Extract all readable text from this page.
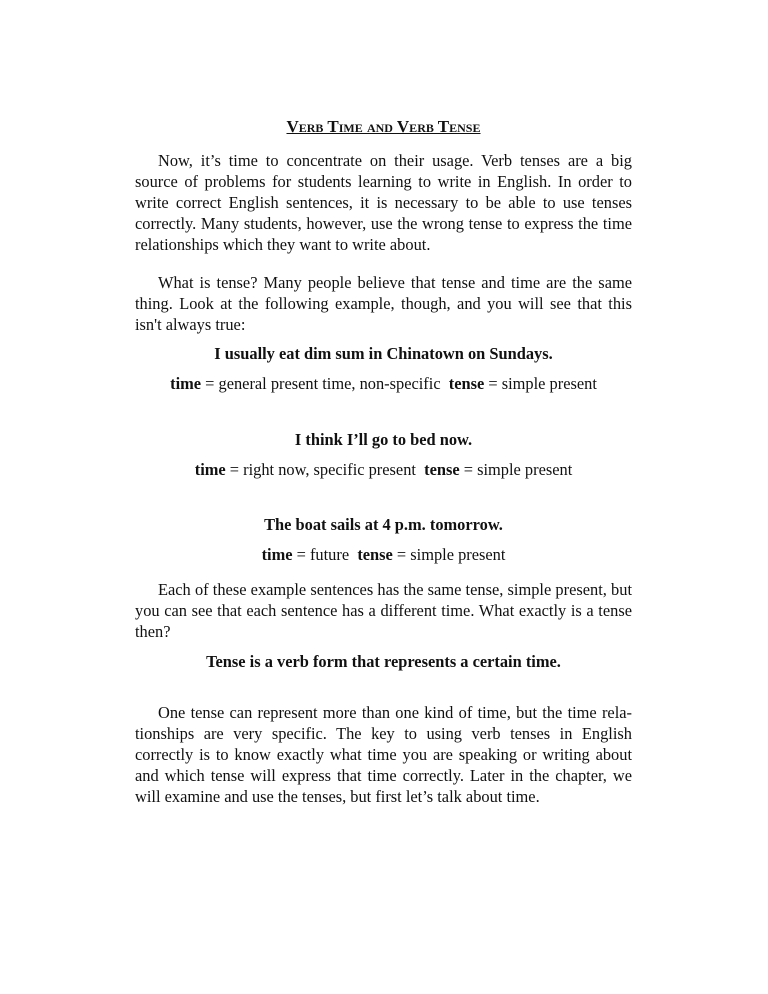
Verb Time and Verb Tense

Now, it’s time to concentrate on their usage. Verb tenses are a big source of problems for students learning to write in English. In order to write correct English sentences, it is necessary to be able to use tenses correctly. Many students, however, use the wrong tense to express the time relationships which they want to write about.

What is tense? Many people believe that tense and time are the same thing. Look at the following example, though, and you will see that this isn't always true:

I usually eat dim sum in Chinatown on Sundays.

time = general present time, non-specific  tense = simple present

I think I’ll go to bed now.

time = right now, specific present  tense = simple present

The boat sails at 4 p.m. tomorrow.

time = future  tense = simple present

Each of these example sentences has the same tense, simple present, but you can see that each sentence has a different time. What exactly is a tense then?

Tense is a verb form that represents a certain time.

One tense can represent more than one kind of time, but the time relationships are very specific. The key to using verb tenses in English correctly is to know exactly what time you are speaking or writing about and which tense will express that time correctly. Later in the chapter, we will examine and use the tenses, but first let’s talk about time.
